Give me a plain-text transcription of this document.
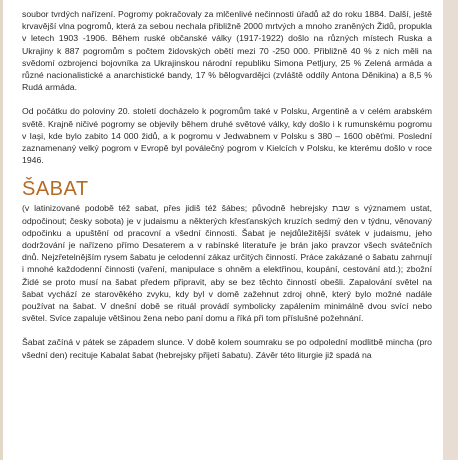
soubor tvrdých nařízení. Pogromy pokračovaly za mlčenlivé nečinnosti úřadů až do roku 1884. Další, ještě krvavější vlna pogromů, která za sebou nechala přibližně 2000 mrtvých a mnoho zraněných Židů, propukla v letech 1903 -1906. Během ruské občanské války (1917-1922) došlo na různých místech Ruska a Ukrajiny k 887 pogromům s počtem židovských obětí mezi 70 -250 000. Přibližně 40 % z nich měli na svědomí ozbrojenci bojovníka za Ukrajinskou národní republiku Simona Petljury, 25 % Zelená armáda a různé nacionalistické a anarchistické bandy, 17 % bělogvardějci (zvláště oddíly Antona Děnikina) a 8,5 % Rudá armáda.

Od počátku do poloviny 20. století docházelo k pogromům také v Polsku, Argentině a v celém arabském světě. Krajně ničivé pogromy se objevily během druhé světové války, kdy došlo i k rumunskému pogromu v Iaşi, kde bylo zabito 14 000 židů, a k pogromu v Jedwabnem v Polsku s 380 – 1600 oběťmi. Poslední zaznamenaný velký pogrom v Evropě byl poválečný pogrom v Kielcích v Polsku, ke kterému došlo v roce 1946.

ŠABAT

(v latinizované podobě též sabat, přes jidiš též šábes; původně hebrejsky שבת s významem ustat, odpočinout; česky sobota) je v judaismu a některých křesťanských kruzích sedmý den v týdnu, věnovaný odpočinku a upuštění od pracovní a všední činnosti. Šabat je nejdůležitější svátek v judaismu, jeho dodržování je nařízeno přímo Desaterem a v rabínské literatuře je brán jako pravzor všech svátečních dnů. Nejzřetelnějším rysem šabatu je celodenní zákaz určitých činností. Práce zakázané o šabatu zahrnují i mnohé každodenní činnosti (vaření, manipulace s ohněm a elektřinou, koupání, cestování atd.); zbožní Židé se proto musí na šabat předem připravit, aby se bez těchto činností obešli. Zapalování světel na šabat vychází ze starověkého zvyku, kdy byl v domě zažehnut zdroj ohně, který bylo možné nadále používat na šabat. V dnešní době se rituál provádí symbolicky zapálením minimálně dvou svící nebo světel. Svíce zapaluje většinou žena nebo paní domu a říká při tom příslušné požehnání.

Šabat začíná v pátek se západem slunce. V době kolem soumraku se po odpolední modlitbě mincha (pro všední den) recituje Kabalat šabat (hebrejsky přijetí šabatu). Závěr této liturgie již spadá na
